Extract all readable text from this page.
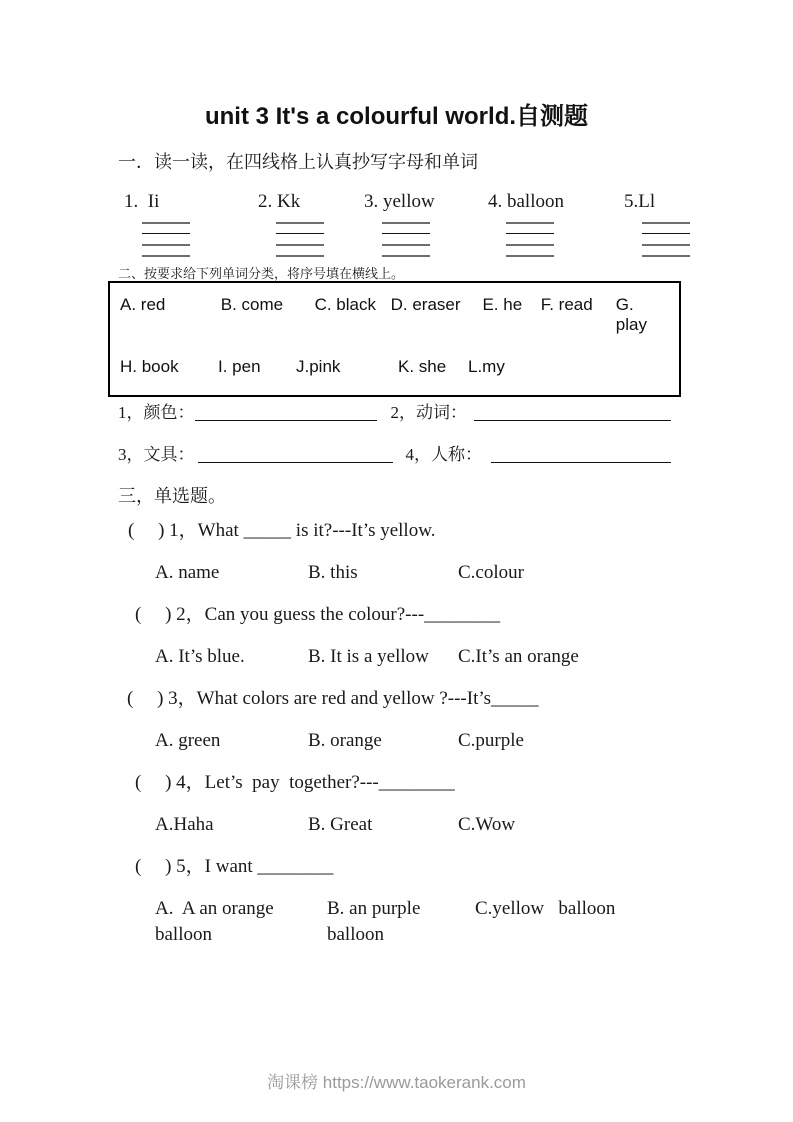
unit 3 It's a colourful world.自测题
一．读一读，在四线格上认真抄写字母和单词
1.  Ii	2. Kk	3. yellow	4. balloon	5.Ll
二、按要求给下列单词分类，将序号填在横线上。
A. red	B. come	C. black D. eraser	E. he	F. read	G. play
H. book	I. pen	J.pink	K. she	L.my
1，颜色：	2，动词：
3，文具：	4，人称：
三，单选题。

(     ) 1，What _____ is it?---It’s yellow.

A. name	B. this	C.colour

(     ) 2，Can you guess the colour?---________

A. It’s blue.	B. It is a yellow	C.It’s an orange

(     ) 3，What colors are red and yellow ?---It’s_____

A. green	B. orange	C.purple

(     ) 4，Let’s  pay  together?---________

A.Haha	B. Great	C.Wow

(     ) 5，I want ________

A.  A an orange balloon
B. an purple balloon
C.yellow   balloon
淘课榜 https://www.taokerank.com
